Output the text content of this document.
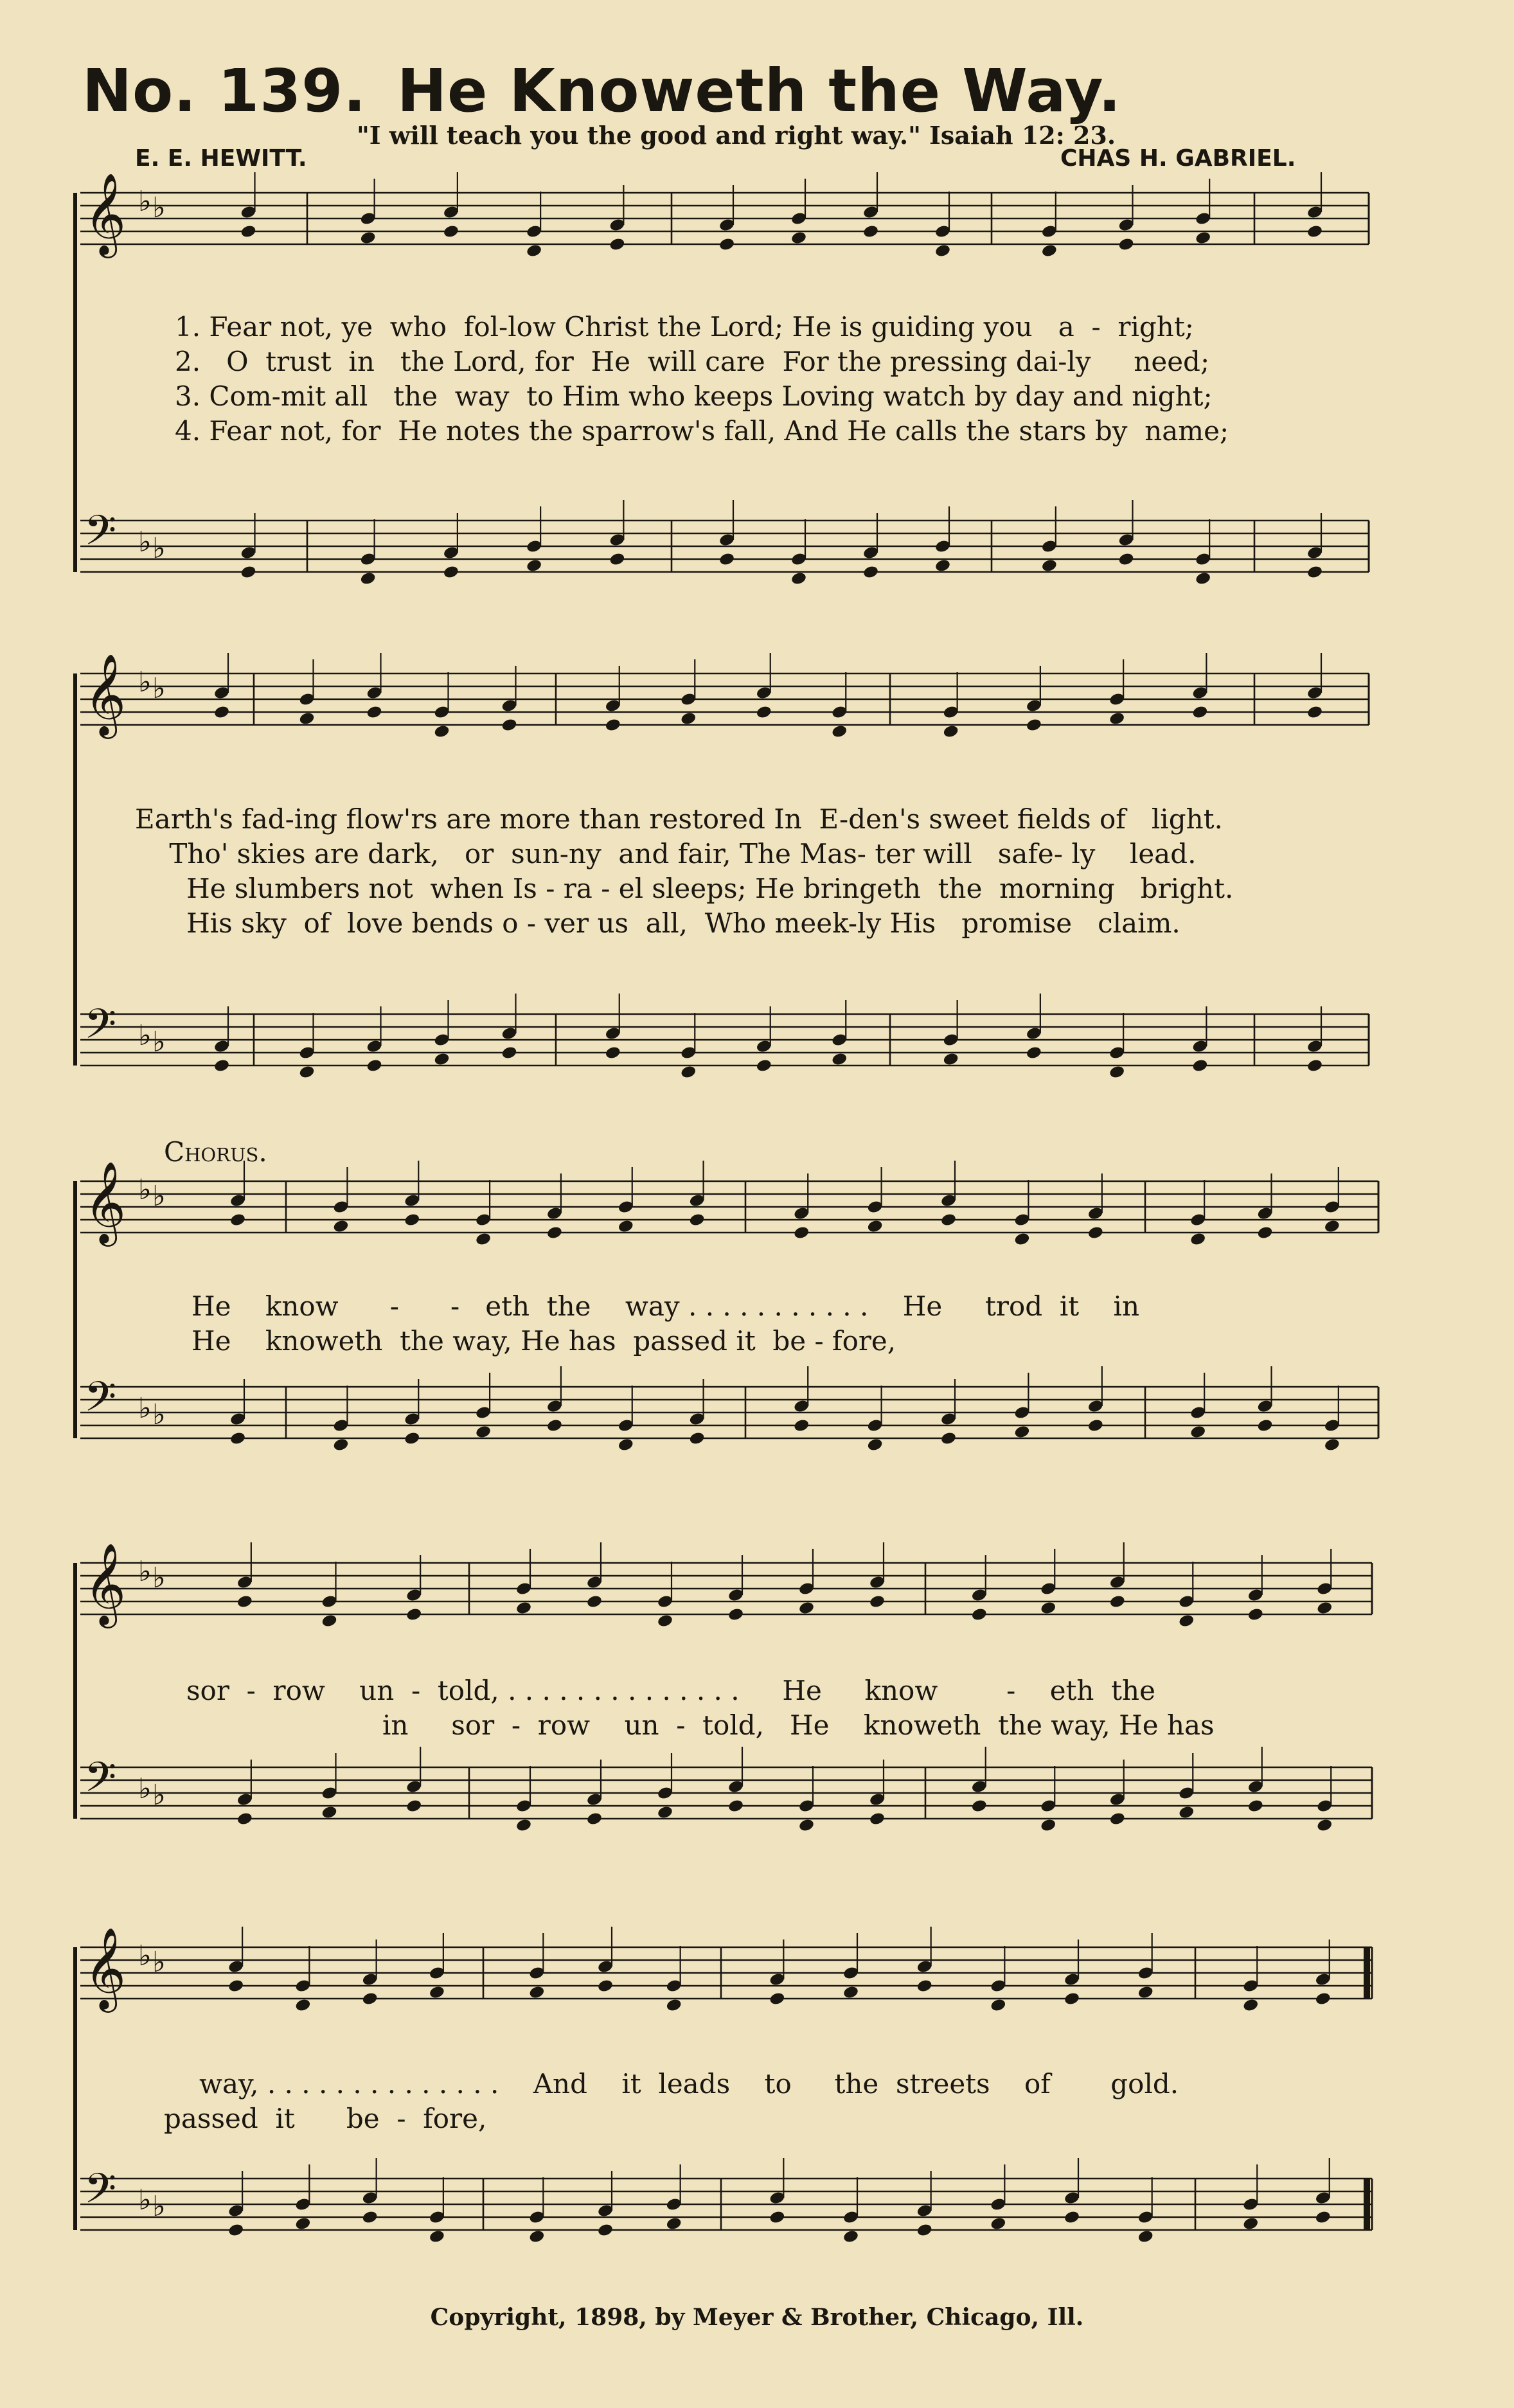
No. 139. He Knoweth the Way.
"I will teach you the good and right way." Isaiah 12: 23.
E. E. HEWITT.	CHAS H. GABRIEL.
𝄞 ♭ ♭
𝄢 ♭ ♭
𝄞 ♭ ♭
𝄢 ♭ ♭
𝄞 ♭ ♭
𝄢 ♭ ♭
𝄞 ♭ ♭
𝄢 ♭ ♭
𝄞 ♭ ♭
𝄢 ♭ ♭
1. Fear not, ye  who  fol-low Christ the Lord; He is guiding you   a  -  right;
2.   O  trust  in   the Lord, for  He  will care  For the pressing dai-ly     need;
3. Com-mit all   the  way  to Him who keeps Loving watch by day and night;
4. Fear not, for  He notes the sparrow's fall, And He calls the stars by  name;
Earth's fad-ing flow'rs are more than restored In  E-den's sweet fields of   light.
Tho' skies are dark,   or  sun-ny  and fair, The Mas- ter will   safe- ly    lead.
He slumbers not  when Is - ra - el sleeps; He bringeth  the  morning   bright.
His sky  of  love bends o - ver us  all,  Who meek-ly His   promise   claim.
Chorus.
He    know      -      -   eth  the    way . . . . . . . . . . .    He     trod  it    in
He    knoweth  the way, He has  passed it  be - fore,
sor  -  row    un  -  told, . . . . . . . . . . . . . .     He     know        -    eth  the
in     sor  -  row    un  -  told,   He    knoweth  the way, He has
way, . . . . . . . . . . . . . .    And    it  leads    to     the  streets    of       gold.
passed  it      be  -  fore,
Copyright, 1898, by Meyer & Brother, Chicago, Ill.
